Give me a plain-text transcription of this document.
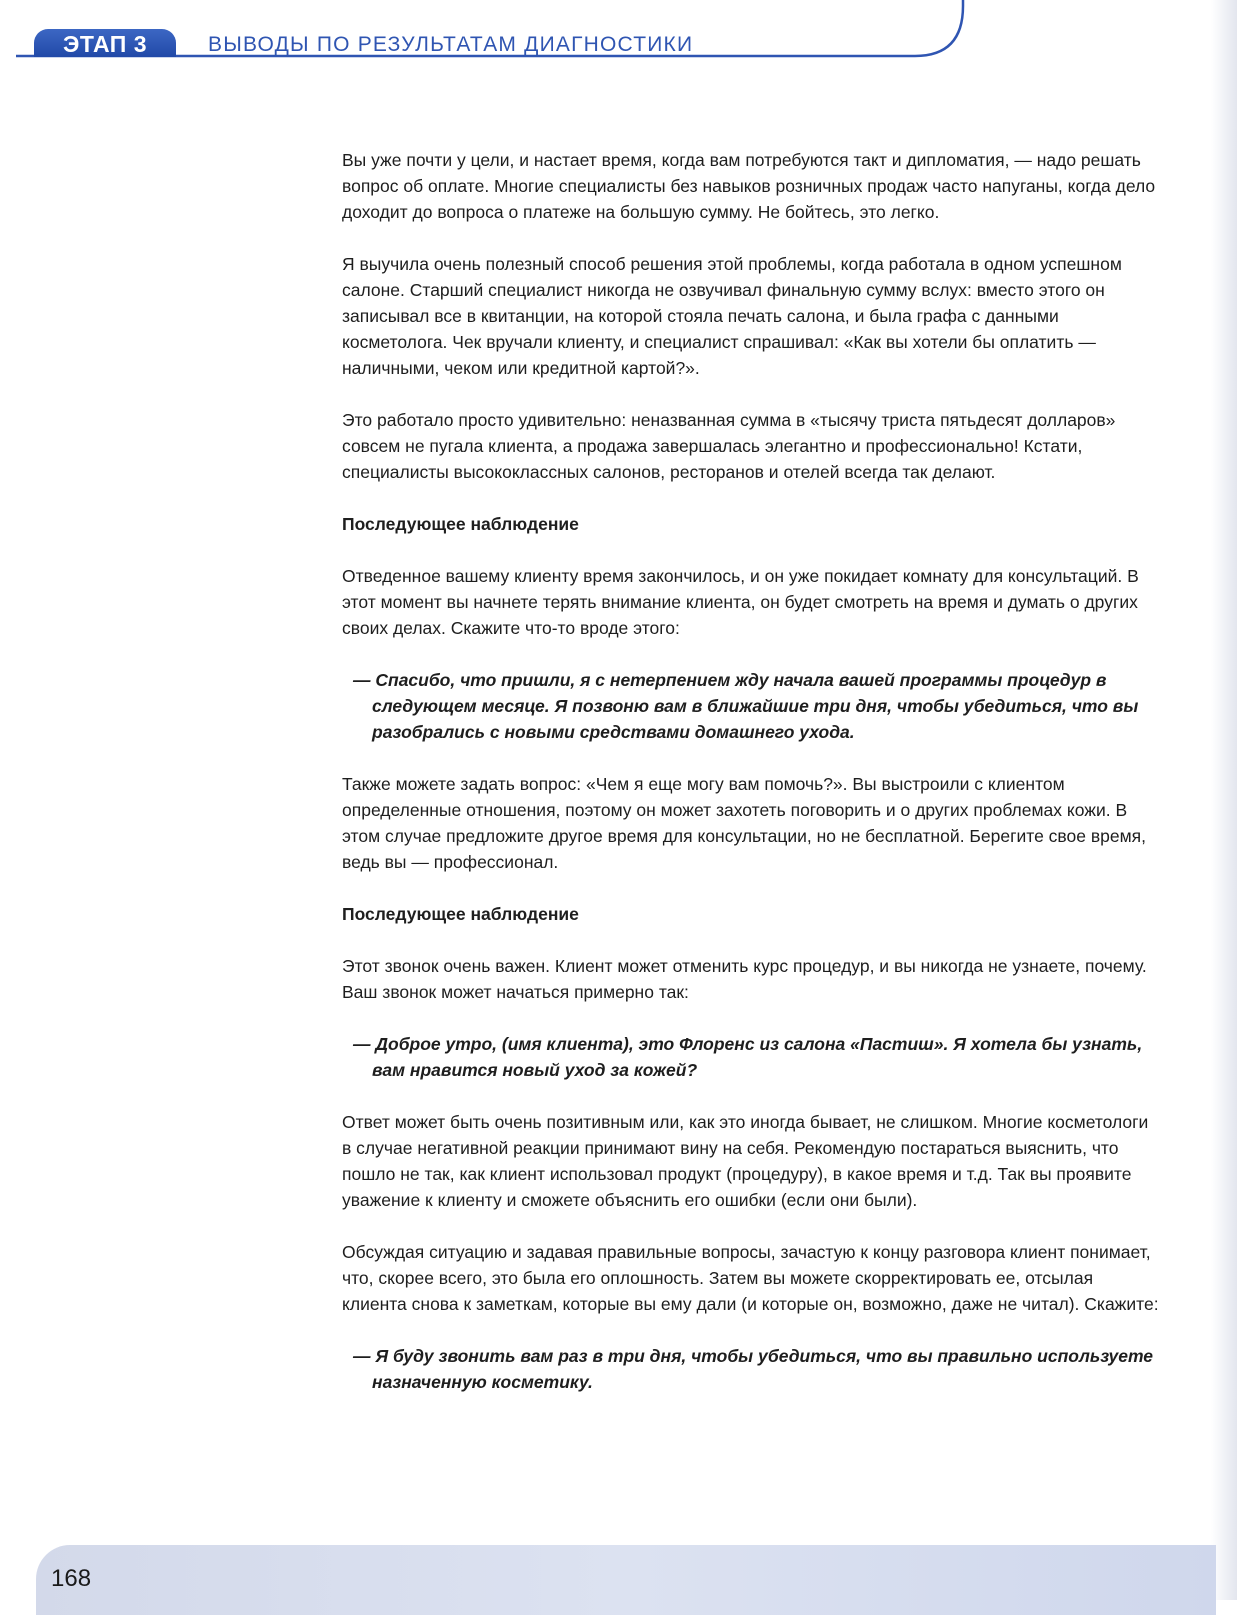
ЭТАП 3	ВЫВОДЫ ПО РЕЗУЛЬТАТАМ ДИАГНОСТИКИ

Вы уже почти у цели, и настает время, когда вам потребуются такт и дипломатия, — надо решать вопрос об оплате. Многие специалисты без навыков розничных продаж часто напуганы, когда дело доходит до вопроса о платеже на большую сумму. Не бойтесь, это легко.

Я выучила очень полезный способ решения этой проблемы, когда работала в одном успешном салоне. Старший специалист никогда не озвучивал финальную сумму вслух: вместо этого он записывал все в квитанции, на которой стояла печать салона, и была графа с данными косметолога. Чек вручали клиенту, и специалист спрашивал: «Как вы хотели бы оплатить — наличными, чеком или кредитной картой?».

Это работало просто удивительно: неназванная сумма в «тысячу триста пятьдесят долларов» совсем не пугала клиента, а продажа завершалась элегантно и профессионально! Кстати, специалисты высококлассных салонов, ресторанов и отелей всегда так делают.

Последующее наблюдение

Отведенное вашему клиенту время закончилось, и он уже покидает комнату для консультаций. В этот момент вы начнете терять внимание клиента, он будет смотреть на время и думать о других своих делах. Скажите что-то вроде этого:

— Спасибо, что пришли, я с нетерпением жду начала вашей программы процедур в следующем месяце. Я позвоню вам в ближайшие три дня, чтобы убедиться, что вы разобрались с новыми средствами домашнего ухода.

Также можете задать вопрос: «Чем я еще могу вам помочь?». Вы выстроили с клиентом определенные отношения, поэтому он может захотеть поговорить и о других проблемах кожи. В этом случае предложите другое время для консультации, но не бесплатной. Берегите свое время, ведь вы — профессионал.

Последующее наблюдение

Этот звонок очень важен. Клиент может отменить курс процедур, и вы никогда не узнаете, почему. Ваш звонок может начаться примерно так:

— Доброе утро, (имя клиента), это Флоренс из салона «Пастиш». Я хотела бы узнать, вам нравится новый уход за кожей?

Ответ может быть очень позитивным или, как это иногда бывает, не слишком. Многие косметологи в случае негативной реакции принимают вину на себя. Рекомендую постараться выяснить, что пошло не так, как клиент использовал продукт (процедуру), в какое время и т.д. Так вы проявите уважение к клиенту и сможете объяснить его ошибки (если они были).

Обсуждая ситуацию и задавая правильные вопросы, зачастую к концу разговора клиент понимает, что, скорее всего, это была его оплошность. Затем вы можете скорректировать ее, отсылая клиента снова к заметкам, которые вы ему дали (и которые он, возможно, даже не читал). Скажите:

— Я буду звонить вам раз в три дня, чтобы убедиться, что вы правильно используете назначенную косметику.

168
